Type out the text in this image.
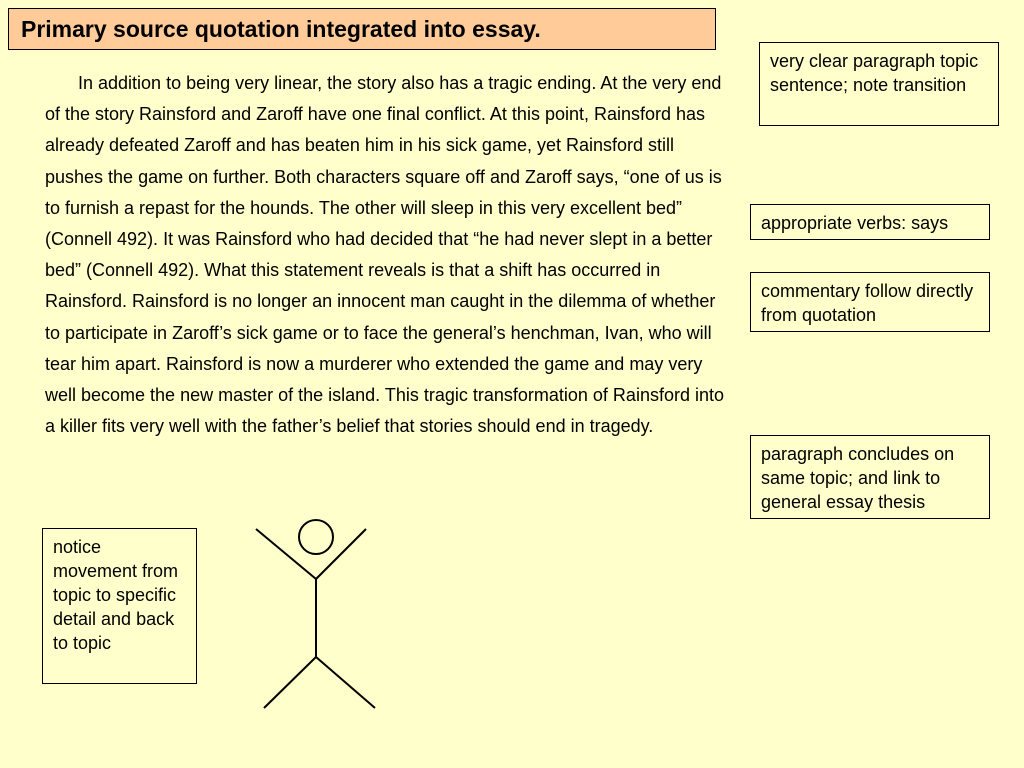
Primary source quotation integrated into essay.

In addition to being very linear, the story also has a tragic ending. At the very end of the story Rainsford and Zaroff have one final conflict. At this point, Rainsford has already defeated Zaroff and has beaten him in his sick game, yet Rainsford still pushes the game on further. Both characters square off and Zaroff says, “one of us is to furnish a repast for the hounds. The other will sleep in this very excellent bed” (Connell 492). It was Rainsford who had decided that “he had never slept in a better bed” (Connell 492). What this statement reveals is that a shift has occurred in Rainsford. Rainsford is no longer an innocent man caught in the dilemma of whether to participate in Zaroff’s sick game or to face the general’s henchman, Ivan, who will tear him apart. Rainsford is now a murderer who extended the game and may very well become the new master of the island. This tragic transformation of Rainsford into a killer fits very well with the father’s belief that stories should end in tragedy.

very clear paragraph topic sentence; note transition
appropriate verbs: says
commentary follow directly from quotation
paragraph concludes on same topic; and link to general essay thesis
notice movement from topic to specific detail and back to topic
